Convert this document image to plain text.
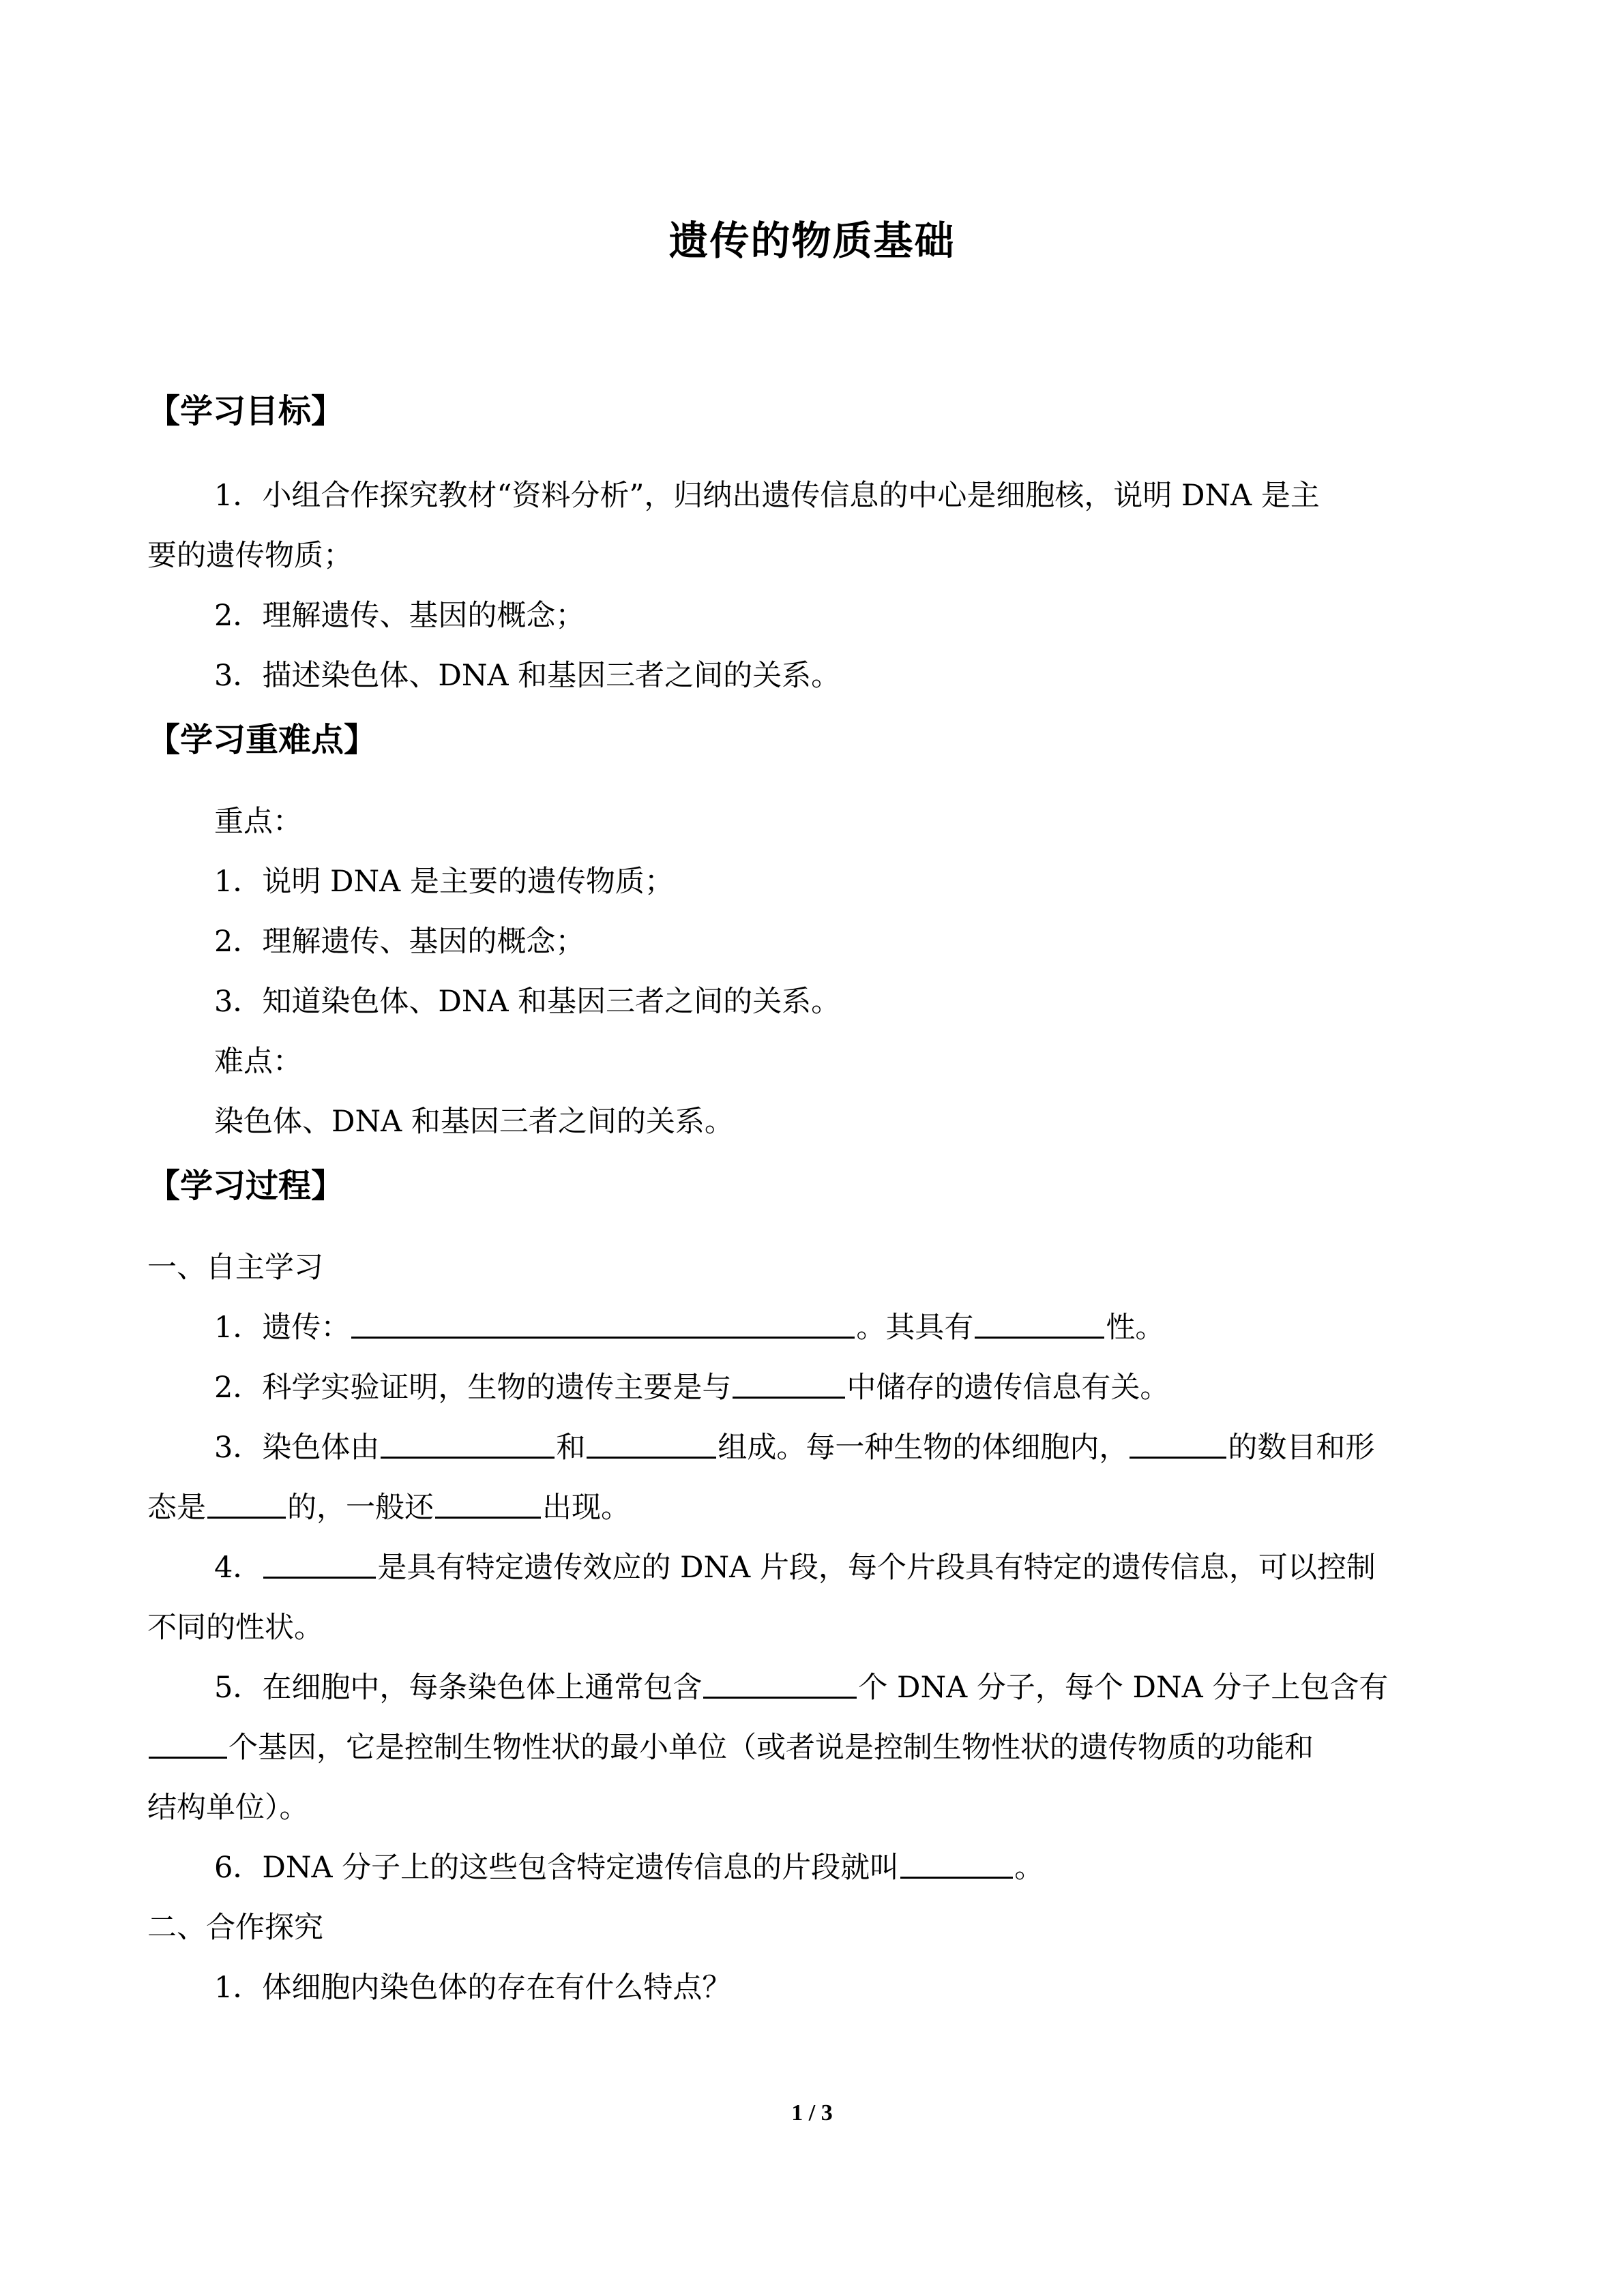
遗传的物质基础
【学习目标】
1．小组合作探究教材“资料分析”，归纳出遗传信息的中心是细胞核，说明 DNA 是主
要的遗传物质；
2．理解遗传、基因的概念；
3．描述染色体、DNA 和基因三者之间的关系。
【学习重难点】
重点：
1．说明 DNA 是主要的遗传物质；
2．理解遗传、基因的概念；
3．知道染色体、DNA 和基因三者之间的关系。
难点：
染色体、DNA 和基因三者之间的关系。
【学习过程】
一、自主学习
1．遗传：	。其具有	性。
2．科学实验证明，生物的遗传主要是与	中储存的遗传信息有关。
3．染色体由	和	组成。每一种生物的体细胞内，	的数目和形
态是	的，一般还	出现。
4．	是具有特定遗传效应的 DNA 片段，每个片段具有特定的遗传信息，可以控制
不同的性状。
5．在细胞中，每条染色体上通常包含	个 DNA 分子，每个 DNA 分子上包含有
个基因，它是控制生物性状的最小单位（或者说是控制生物性状的遗传物质的功能和
结构单位）。
6．DNA 分子上的这些包含特定遗传信息的片段就叫	。
二、合作探究
1．体细胞内染色体的存在有什么特点？
1 / 3
